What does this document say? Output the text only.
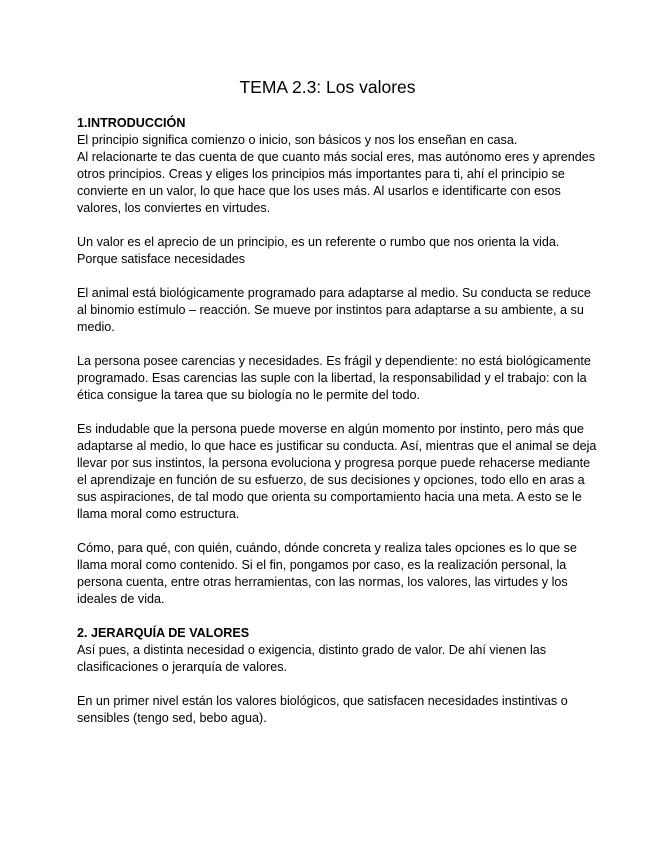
TEMA 2.3: Los valores
1.INTRODUCCIÓN

El principio significa comienzo o inicio, son básicos y nos los enseñan en casa.

Al relacionarte te das cuenta de que cuanto más social eres, mas autónomo eres y aprendes otros principios. Creas y eliges los principios más importantes para ti, ahí el principio se convierte en un valor, lo que hace que los uses más. Al usarlos e identificarte con esos valores, los conviertes en virtudes.

Un valor es el aprecio de un principio, es un referente o rumbo que nos orienta la vida. Porque satisface necesidades

El animal está biológicamente programado para adaptarse al medio. Su conducta se reduce al binomio estímulo – reacción. Se mueve por instintos para adaptarse a su ambiente, a su medio.

La persona posee carencias y necesidades. Es frágil y dependiente: no está biológicamente programado. Esas carencias las suple con la libertad, la responsabilidad y el trabajo: con la ética consigue la tarea que su biología no le permite del todo.

Es indudable que la persona puede moverse en algún momento por instinto, pero más que adaptarse al medio, lo que hace es justificar su conducta. Así, mientras que el animal se deja llevar por sus instintos, la persona evoluciona y progresa porque puede rehacerse mediante el aprendizaje en función de su esfuerzo, de sus decisiones y opciones, todo ello en aras a sus aspiraciones, de tal modo que orienta su comportamiento hacia una meta. A esto se le llama moral como estructura.

Cómo, para qué, con quién, cuándo, dónde concreta y realiza tales opciones es lo que se llama moral como contenido. Si el fin, pongamos por caso, es la realización personal, la persona cuenta, entre otras herramientas, con las normas, los valores, las virtudes y los ideales de vida.

2. JERARQUÍA DE VALORES

Así pues, a distinta necesidad o exigencia, distinto grado de valor. De ahí vienen las clasificaciones o jerarquía de valores.

En un primer nivel están los valores biológicos, que satisfacen necesidades instintivas o sensibles (tengo sed, bebo agua).
